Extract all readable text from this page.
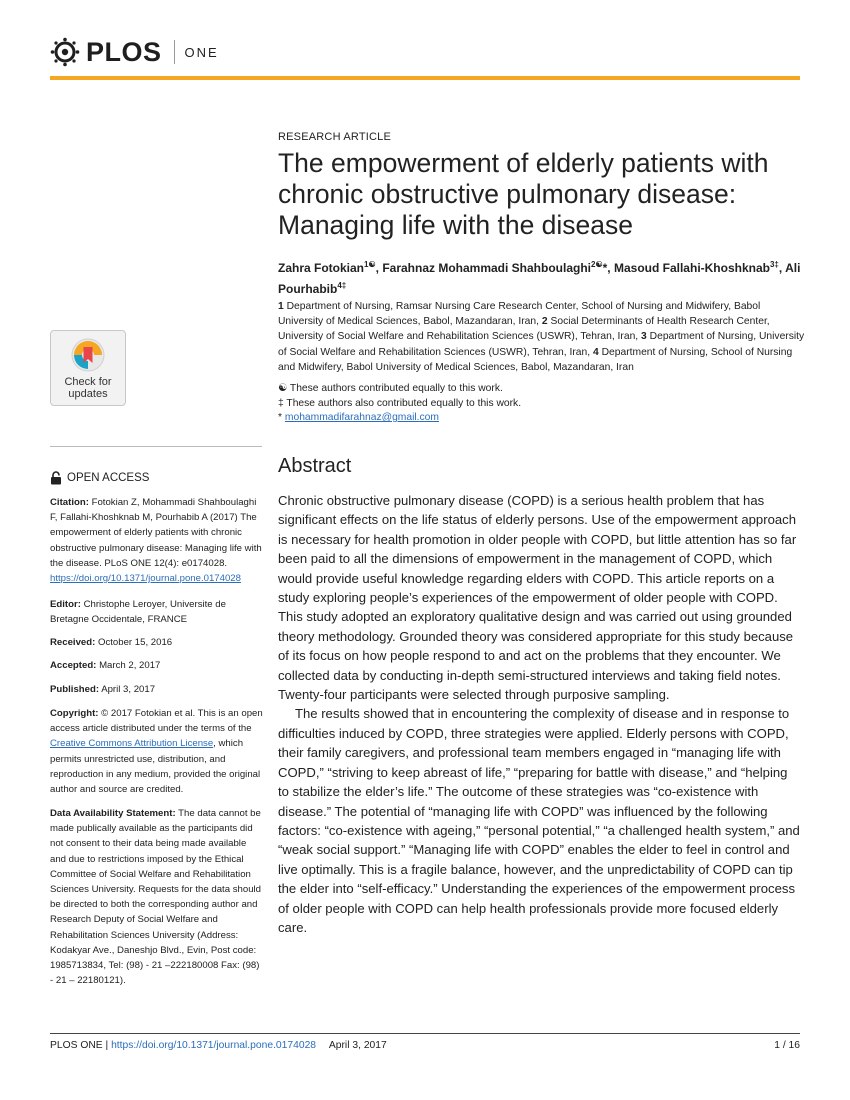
PLOS ONE
Check for updates
OPEN ACCESS
Citation: Fotokian Z, Mohammadi Shahboulaghi F, Fallahi-Khoshknab M, Pourhabib A (2017) The empowerment of elderly patients with chronic obstructive pulmonary disease: Managing life with the disease. PLoS ONE 12(4): e0174028. https://doi.org/10.1371/journal.pone.0174028
Editor: Christophe Leroyer, Universite de Bretagne Occidentale, FRANCE
Received: October 15, 2016
Accepted: March 2, 2017
Published: April 3, 2017
Copyright: © 2017 Fotokian et al. This is an open access article distributed under the terms of the Creative Commons Attribution License, which permits unrestricted use, distribution, and reproduction in any medium, provided the original author and source are credited.
Data Availability Statement: The data cannot be made publically available as the participants did not consent to their data being made available and due to restrictions imposed by the Ethical Committee of Social Welfare and Rehabilitation Sciences University. Requests for the data should be directed to both the corresponding author and Research Deputy of Social Welfare and Rehabilitation Sciences University (Address: Kodakyar Ave., Daneshjo Blvd., Evin, Post code: 1985713834, Tel: (98) - 21 –222180008 Fax: (98) - 21 – 22180121).
RESEARCH ARTICLE
The empowerment of elderly patients with chronic obstructive pulmonary disease: Managing life with the disease
Zahra Fotokian$^{1☯}$, Farahnaz Mohammadi Shahboulaghi$^{2☯}$*, Masoud Fallahi-Khoshknab$^{3\ddagger}$, Ali Pourhabib$^{4\ddagger}$
1 Department of Nursing, Ramsar Nursing Care Research Center, School of Nursing and Midwifery, Babol University of Medical Sciences, Babol, Mazandaran, Iran, 2 Social Determinants of Health Research Center, University of Social Welfare and Rehabilitation Sciences (USWR), Tehran, Iran, 3 Department of Nursing, University of Social Welfare and Rehabilitation Sciences (USWR), Tehran, Iran, 4 Department of Nursing, School of Nursing and Midwifery, Babol University of Medical Sciences, Babol, Mazandaran, Iran
☯ These authors contributed equally to this work.
‡ These authors also contributed equally to this work.
* mohammadifarahnaz@gmail.com
Abstract

Chronic obstructive pulmonary disease (COPD) is a serious health problem that has significant effects on the life status of elderly persons. Use of the empowerment approach is necessary for health promotion in older people with COPD, but little attention has so far been paid to all the dimensions of empowerment in the management of COPD, which would provide useful knowledge regarding elders with COPD. This article reports on a study exploring people’s experiences of the empowerment of older people with COPD. This study adopted an exploratory qualitative design and was carried out using grounded theory methodology. Grounded theory was considered appropriate for this study because of its focus on how people respond to and act on the problems that they encounter. We collected data by conducting in-depth semi-structured interviews and taking field notes. Twenty-four participants were selected through purposive sampling.

The results showed that in encountering the complexity of disease and in response to difficulties induced by COPD, three strategies were applied. Elderly persons with COPD, their family caregivers, and professional team members engaged in “managing life with COPD,” “striving to keep abreast of life,” “preparing for battle with disease,” and “helping to stabilize the elder’s life.” The outcome of these strategies was “co-existence with disease.” The potential of “managing life with COPD” was influenced by the following factors: “co-existence with ageing,” “personal potential,” “a challenged health system,” and “weak social support.” “Managing life with COPD” enables the elder to feel in control and live optimally. This is a fragile balance, however, and the unpredictability of COPD can tip the elder into “self-efficacy.” Understanding the experiences of the empowerment process of older people with COPD can help health professionals provide more focused elderly care.

PLOS ONE | https://doi.org/10.1371/journal.pone.0174028 April 3, 2017	1 / 16
